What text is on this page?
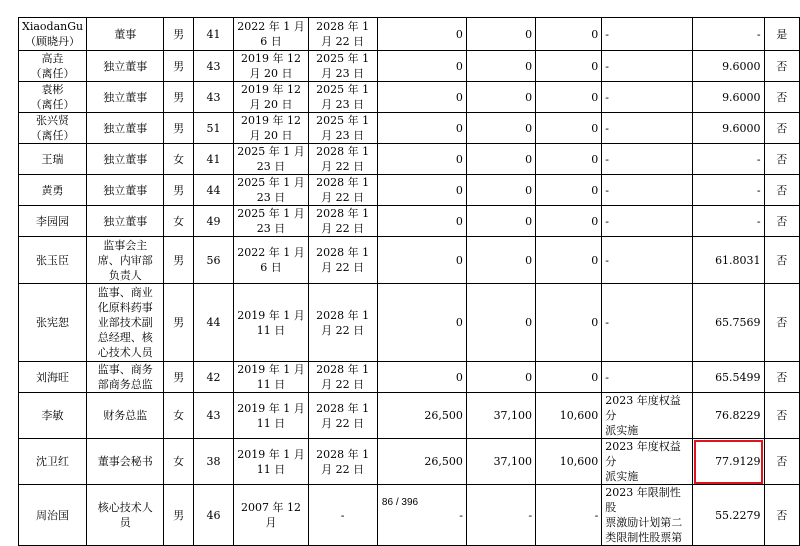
XiaodanGu
（顾晓丹）	董事	男	41	2022 年 1 月
6 日	2028 年 1
月 22 日	0	0	0	-	-	是
高垚
（离任）	独立董事	男	43	2019 年 12
月 20 日	2025 年 1
月 23 日	0	0	0	-	9.6000	否
袁彬
（离任）	独立董事	男	43	2019 年 12
月 20 日	2025 年 1
月 23 日	0	0	0	-	9.6000	否
张兴贤
（离任）	独立董事	男	51	2019 年 12
月 20 日	2025 年 1
月 23 日	0	0	0	-	9.6000	否
王瑞	独立董事	女	41	2025 年 1 月
23 日	2028 年 1
月 22 日	0	0	0	-	-	否
黄勇	独立董事	男	44	2025 年 1 月
23 日	2028 年 1
月 22 日	0	0	0	-	-	否
李园园	独立董事	女	49	2025 年 1 月
23 日	2028 年 1
月 22 日	0	0	0	-	-	否
张玉臣	监事会主
席、内审部
负责人	男	56	2022 年 1 月
6 日	2028 年 1
月 22 日	0	0	0	-	61.8031	否
张宪恕	监事、商业
化原料药事
业部技术副
总经理、核
心技术人员	男	44	2019 年 1 月
11 日	2028 年 1
月 22 日	0	0	0	-	65.7569	否
刘海旺	监事、商务
部商务总监	男	42	2019 年 1 月
11 日	2028 年 1
月 22 日	0	0	0	-	65.5499	否
李敏	财务总监	女	43	2019 年 1 月
11 日	2028 年 1
月 22 日	26,500	37,100	10,600	2023 年度权益分
派实施	76.8229	否
沈卫红	董事会秘书	女	38	2019 年 1 月
11 日	2028 年 1
月 22 日	26,500	37,100	10,600	2023 年度权益分
派实施	77.9129	否
周治国	核心技术人
员	男	46	2007 年 12
月	-	-	-	-	2023 年限制性股
票激励计划第二
类限制性股票第	55.2279	否
86 / 396
